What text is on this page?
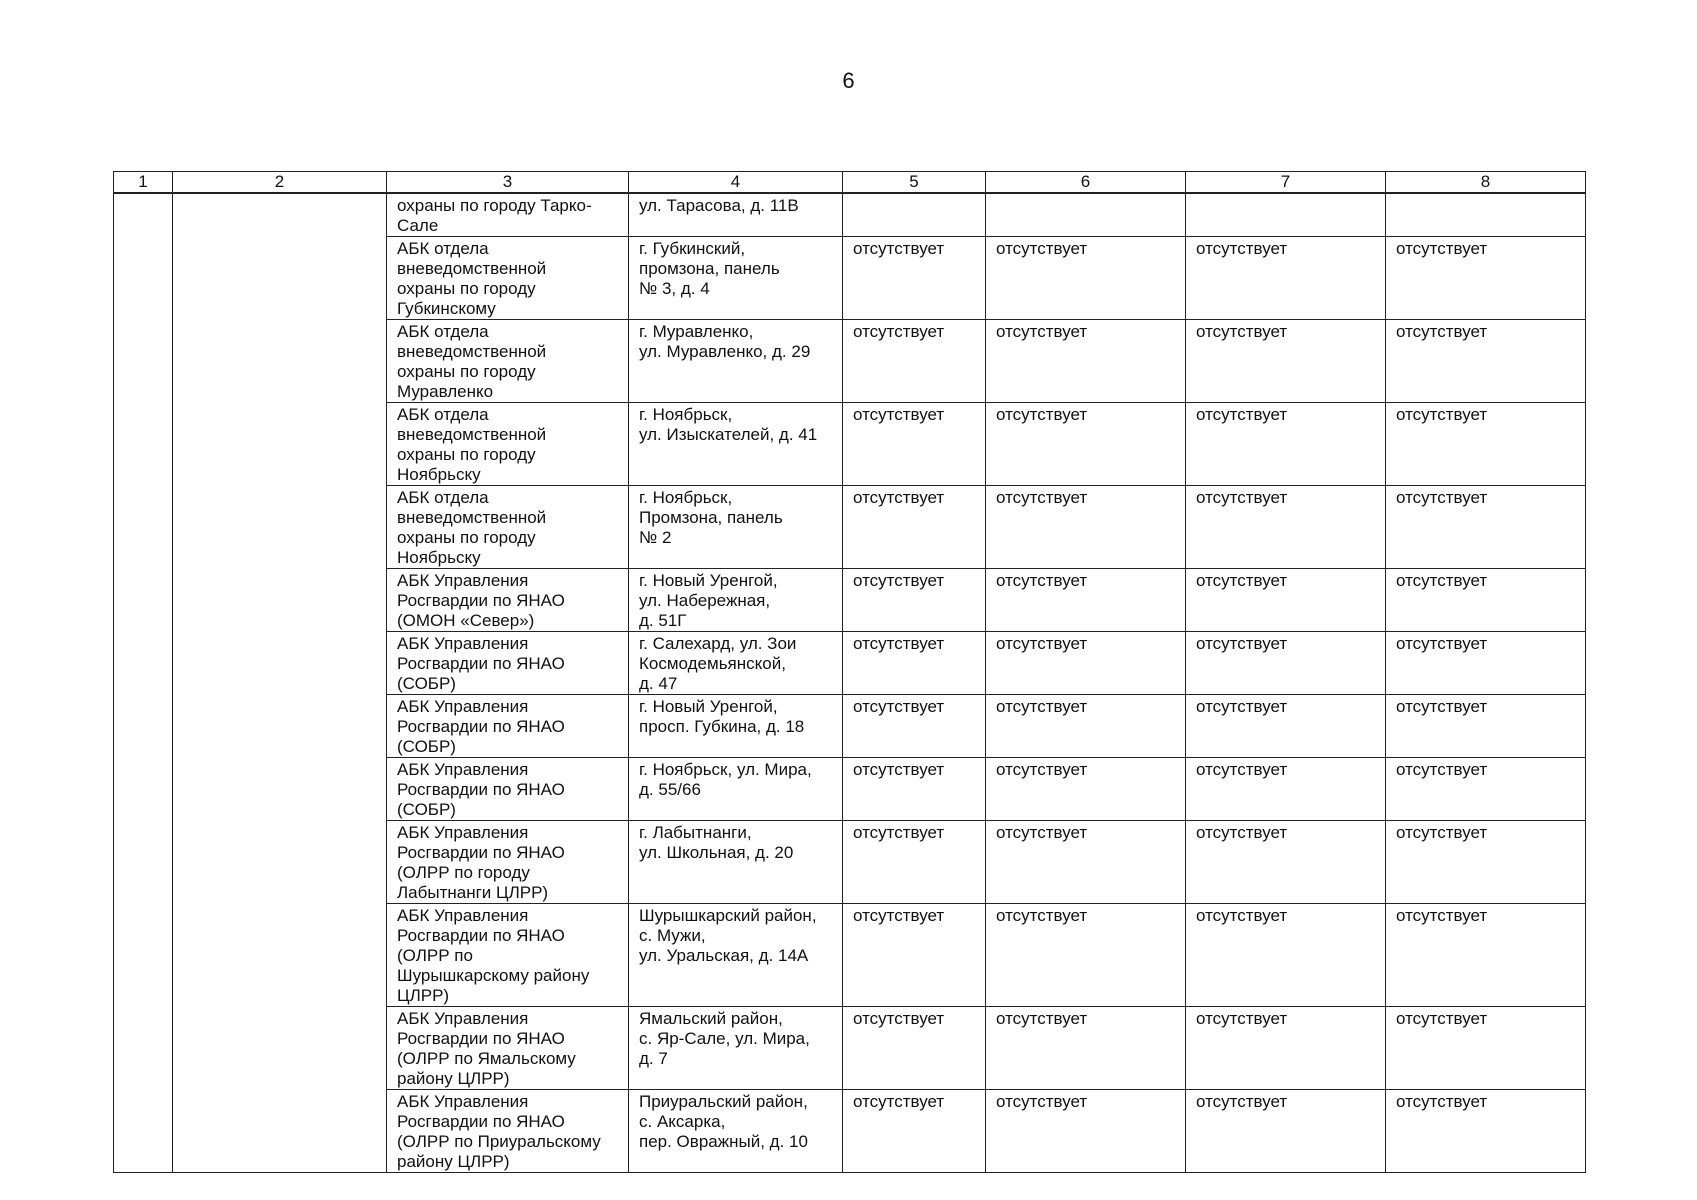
6
1	2	3	4	5	6	7	8
		охраны по городу Тарко-
Сале	ул. Тарасова, д. 11В				
		АБК отдела
вневедомственной
охраны по городу
Губкинскому	г. Губкинский,
промзона, панель
№ 3, д. 4	отсутствует	отсутствует	отсутствует	отсутствует
		АБК отдела
вневедомственной
охраны по городу
Муравленко	г. Муравленко,
ул. Муравленко, д. 29	отсутствует	отсутствует	отсутствует	отсутствует
		АБК отдела
вневедомственной
охраны по городу
Ноябрьску	г. Ноябрьск,
ул. Изыскателей, д. 41	отсутствует	отсутствует	отсутствует	отсутствует
		АБК отдела
вневедомственной
охраны по городу
Ноябрьску	г. Ноябрьск,
Промзона, панель
№ 2	отсутствует	отсутствует	отсутствует	отсутствует
		АБК Управления
Росгвардии по ЯНАО
(ОМОН «Север»)	г. Новый Уренгой,
ул. Набережная,
д. 51Г	отсутствует	отсутствует	отсутствует	отсутствует
		АБК Управления
Росгвардии по ЯНАО
(СОБР)	г. Салехард, ул. Зои
Космодемьянской,
д. 47	отсутствует	отсутствует	отсутствует	отсутствует
		АБК Управления
Росгвардии по ЯНАО
(СОБР)	г. Новый Уренгой,
просп. Губкина, д. 18	отсутствует	отсутствует	отсутствует	отсутствует
		АБК Управления
Росгвардии по ЯНАО
(СОБР)	г. Ноябрьск, ул. Мира,
д. 55/66	отсутствует	отсутствует	отсутствует	отсутствует
		АБК Управления
Росгвардии по ЯНАО
(ОЛРР по городу
Лабытнанги ЦЛРР)	г. Лабытнанги,
ул. Школьная, д. 20	отсутствует	отсутствует	отсутствует	отсутствует
		АБК Управления
Росгвардии по ЯНАО
(ОЛРР по
Шурышкарскому району
ЦЛРР)	Шурышкарский район,
с. Мужи,
ул. Уральская, д. 14А	отсутствует	отсутствует	отсутствует	отсутствует
		АБК Управления
Росгвардии по ЯНАО
(ОЛРР по Ямальскому
району ЦЛРР)	Ямальский район,
с. Яр-Сале, ул. Мира,
д. 7	отсутствует	отсутствует	отсутствует	отсутствует
		АБК Управления
Росгвардии по ЯНАО
(ОЛРР по Приуральскому
району ЦЛРР)	Приуральский район,
с. Аксарка,
пер. Овражный, д. 10	отсутствует	отсутствует	отсутствует	отсутствует
